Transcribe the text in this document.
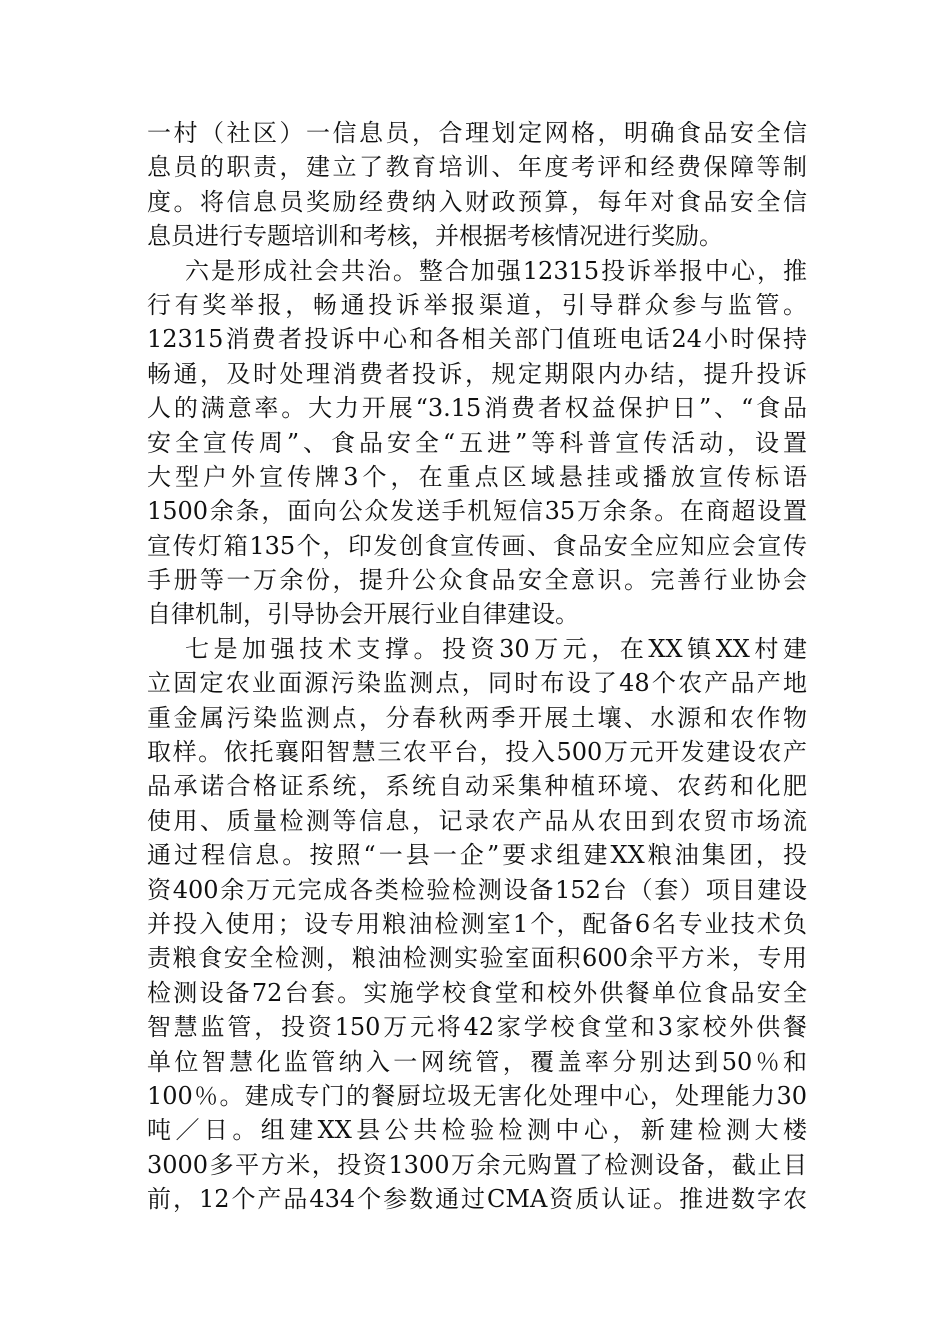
一村（社区）一信息员，合理划定网格，明确食品安全信
息员的职责，建立了教育培训、年度考评和经费保障等制
度。将信息员奖励经费纳入财政预算，每年对食品安全信
息员进行专题培训和考核，并根据考核情况进行奖励。
六是形成社会共治。整合加强12315投诉举报中心，推
行有奖举报，畅通投诉举报渠道，引导群众参与监管。
12315消费者投诉中心和各相关部门值班电话24小时保持
畅通，及时处理消费者投诉，规定期限内办结，提升投诉
人的满意率。大力开展“3.15消费者权益保护日”、“食品
安全宣传周”、食品安全“五进”等科普宣传活动，设置
大型户外宣传牌3个，在重点区域悬挂或播放宣传标语
1500余条，面向公众发送手机短信35万余条。在商超设置
宣传灯箱135个，印发创食宣传画、食品安全应知应会宣传
手册等一万余份，提升公众食品安全意识。完善行业协会
自律机制，引导协会开展行业自律建设。
七是加强技术支撑。投资30万元，在XX镇XX村建
立固定农业面源污染监测点，同时布设了48个农产品产地
重金属污染监测点，分春秋两季开展土壤、水源和农作物
取样。依托襄阳智慧三农平台，投入500万元开发建设农产
品承诺合格证系统，系统自动采集种植环境、农药和化肥
使用、质量检测等信息，记录农产品从农田到农贸市场流
通过程信息。按照“一县一企”要求组建XX粮油集团，投
资400余万元完成各类检验检测设备152台（套）项目建设
并投入使用；设专用粮油检测室1个，配备6名专业技术负
责粮食安全检测，粮油检测实验室面积600余平方米，专用
检测设备72台套。实施学校食堂和校外供餐单位食品安全
智慧监管，投资150万元将42家学校食堂和3家校外供餐
单位智慧化监管纳入一网统管，覆盖率分别达到50％和
100％。建成专门的餐厨垃圾无害化处理中心，处理能力30
吨／日。组建XX县公共检验检测中心，新建检测大楼
3000多平方米，投资1300万余元购置了检测设备，截止目
前，12个产品434个参数通过CMA资质认证。推进数字农
